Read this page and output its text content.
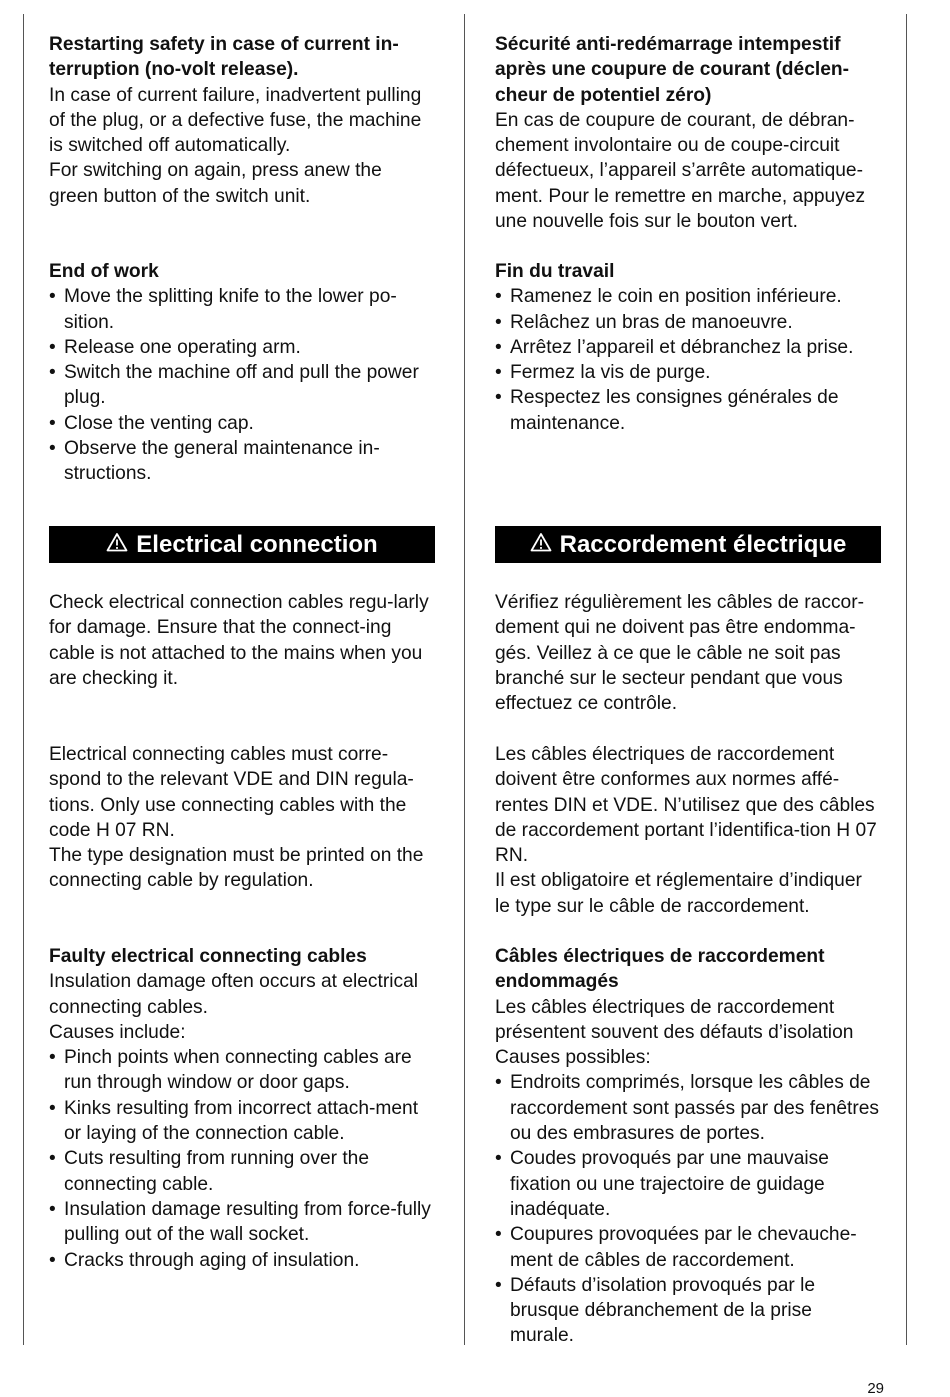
Restarting safety in case of current in-terruption (no-volt release).

In case of current failure, inadvertent pulling of the plug, or a defective fuse, the machine is switched off automatically.

For switching on again, press anew the green button of the switch unit.

End of work

• Move the splitting knife to the lower po-sition.
• Release one operating arm.
• Switch the machine off and pull the power plug.
• Close the venting cap.
• Observe the general maintenance in-structions.
Electrical connection

Check electrical connection cables regu-larly for damage. Ensure that the connect-ing cable is not attached to the mains when you are checking it.

Electrical connecting cables must corre-spond to the relevant VDE and DIN regula-tions. Only use connecting cables with the code H 07 RN.

The type designation must be printed on the connecting cable by regulation.

Faulty electrical connecting cables

Insulation damage often occurs at electrical connecting cables.

Causes include:

• Pinch points when connecting cables are run through window or door gaps.
• Kinks resulting from incorrect attach-ment or laying of the connection cable.
• Cuts resulting from running over the connecting cable.
• Insulation damage resulting from force-fully pulling out of the wall socket.
• Cracks through aging of insulation.

Sécurité anti-redémarrage intempestif après une coupure de courant (déclen-cheur de potentiel zéro)

En cas de coupure de courant, de débran-chement involontaire ou de coupe-circuit défectueux, l’appareil s’arrête automatique-ment. Pour le remettre en marche, appuyez une nouvelle fois sur le bouton vert.

Fin du travail

• Ramenez le coin en position inférieure.
• Relâchez un bras de manoeuvre.
• Arrêtez l’appareil et débranchez la prise.
• Fermez la vis de purge.
• Respectez les consignes générales de maintenance.
Raccordement électrique

Vérifiez régulièrement les câbles de raccor-dement qui ne doivent pas être endomma-gés. Veillez à ce que le câble ne soit pas branché sur le secteur pendant que vous effectuez ce contrôle.

Les câbles électriques de raccordement doivent être conformes aux normes affé-rentes DIN et VDE. N’utilisez que des câbles de raccordement portant l’identifica-tion H 07 RN.

Il est obligatoire et réglementaire d’indiquer le type sur le câble de raccordement.

Câbles électriques de raccordement endommagés

Les câbles électriques de raccordement présentent souvent des défauts d’isolation

Causes possibles:

• Endroits comprimés, lorsque les câbles de raccordement sont passés par des fenêtres ou des embrasures de portes.
• Coudes provoqués par une mauvaise fixation ou une trajectoire de guidage inadéquate.
• Coupures provoquées par le chevauche-ment de câbles de raccordement.
• Défauts d’isolation provoqués par le brusque débranchement de la prise murale.
29
